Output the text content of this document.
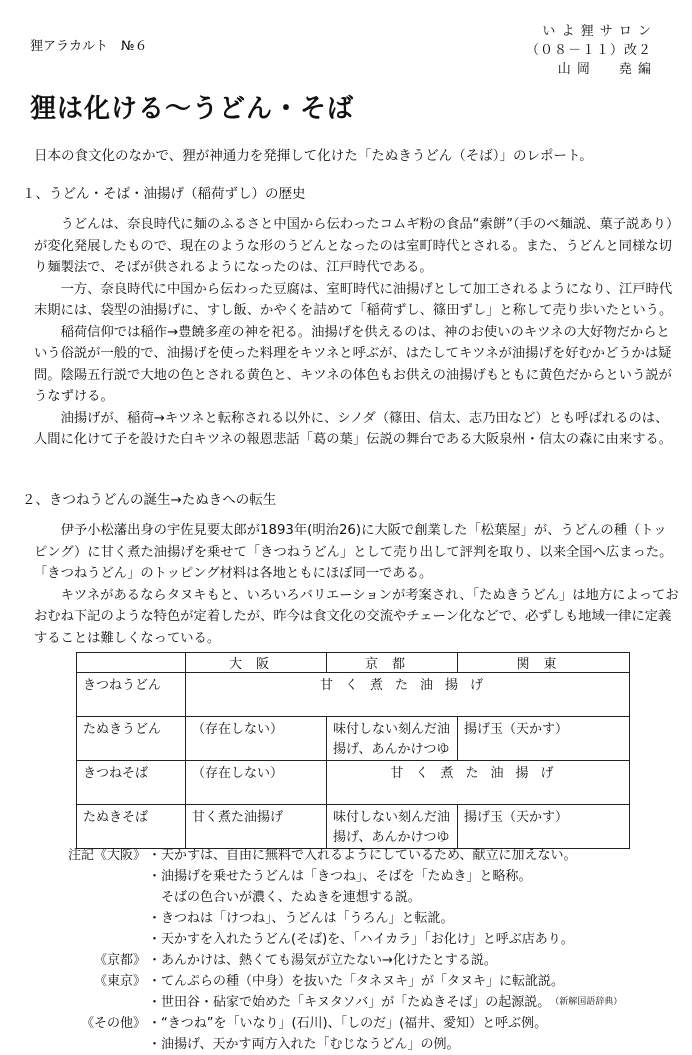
狸アラカルト　№６
い よ 狸 サ ロ ン
（０８－１１）改２
山 岡　　堯 編
狸は化ける～うどん・そば
日本の食文化のなかで、狸が神通力を発揮して化けた「たぬきうどん（そば）」のレポート。
１、うどん・そば・油揚げ（稲荷ずし）の歴史

うどんは、奈良時代に麺のふるさと中国から伝わったコムギ粉の食品“索餅”（手のべ麺説、菓子説あり）が変化発展したもので、現在のような形のうどんとなったのは室町時代とされる。また、うどんと同様な切り麺製法で、そばが供されるようになったのは、江戸時代である。

一方、奈良時代に中国から伝わった豆腐は、室町時代に油揚げとして加工されるようになり、江戸時代末期には、袋型の油揚げに、すし飯、かやくを詰めて「稲荷ずし、篠田ずし」と称して売り歩いたという。

稲荷信仰では稲作→豊饒多産の神を祀る。油揚げを供えるのは、神のお使いのキツネの大好物だからという俗説が一般的で、油揚げを使った料理をキツネと呼ぶが、はたしてキツネが油揚げを好むかどうかは疑問。陰陽五行説で大地の色とされる黄色と、キツネの体色もお供えの油揚げもともに黄色だからという説がうなずける。

油揚げが、稲荷→キツネと転称される以外に、シノダ（篠田、信太、志乃田など）とも呼ばれるのは、人間に化けて子を設けた白キツネの報恩悲話「葛の葉」伝説の舞台である大阪泉州・信太の森に由来する。

２、きつねうどんの誕生→たぬきへの転生

伊予小松藩出身の宇佐見要太郎が1893年(明治26)に大阪で創業した「松葉屋」が、うどんの種（トッピング）に甘く煮た油揚げを乗せて「きつねうどん」として売り出して評判を取り、以来全国へ広まった。「きつねうどん」のトッピング材料は各地ともにほぼ同一である。

キツネがあるならタヌキもと、いろいろバリエーションが考案され、「たぬきうどん」は地方によっておおむね下記のような特色が定着したが、昨今は食文化の交流やチェーン化などで、必ずしも地域一律に定義することは難しくなっている。

	大阪	京都	関東
きつねうどん	甘く煮た油揚げ		
たぬきうどん	（存在しない）	味付しない刻んだ油揚げ、あんかけつゆ	揚げ玉（天かす）
きつねそば	（存在しない）	甘く煮た油揚げ	
たぬきそば	甘く煮た油揚げ	味付しない刻んだ油揚げ、あんかけつゆ	揚げ玉（天かす）
注記《大阪》 ・天かすは、自由に無料で入れるようにしているため、献立に加えない。
・油揚げを乗せたうどんは「きつね」、そばを「たぬき」と略称。
　そばの色合いが濃く、たぬきを連想する説。
・きつねは「けつね」、うどんは「うろん」と転訛。
・天かすを入れたうどん(そば)を、「ハイカラ」「お化け」と呼ぶ店あり。
《京都》 ・あんかけは、熱くても湯気が立たない→化けたとする説。
《東京》 ・てんぷらの種（中身）を抜いた「タネヌキ」が「タヌキ」に転訛説。
・世田谷・砧家で始めた「キヌタソバ」が「たぬきそば」の起源説。 （新解国語辞典）
《その他》 ・“きつね”を「いなり」(石川)、「しのだ」(福井、愛知）と呼ぶ例。
・油揚げ、天かす両方入れた「むじなうどん」の例。
